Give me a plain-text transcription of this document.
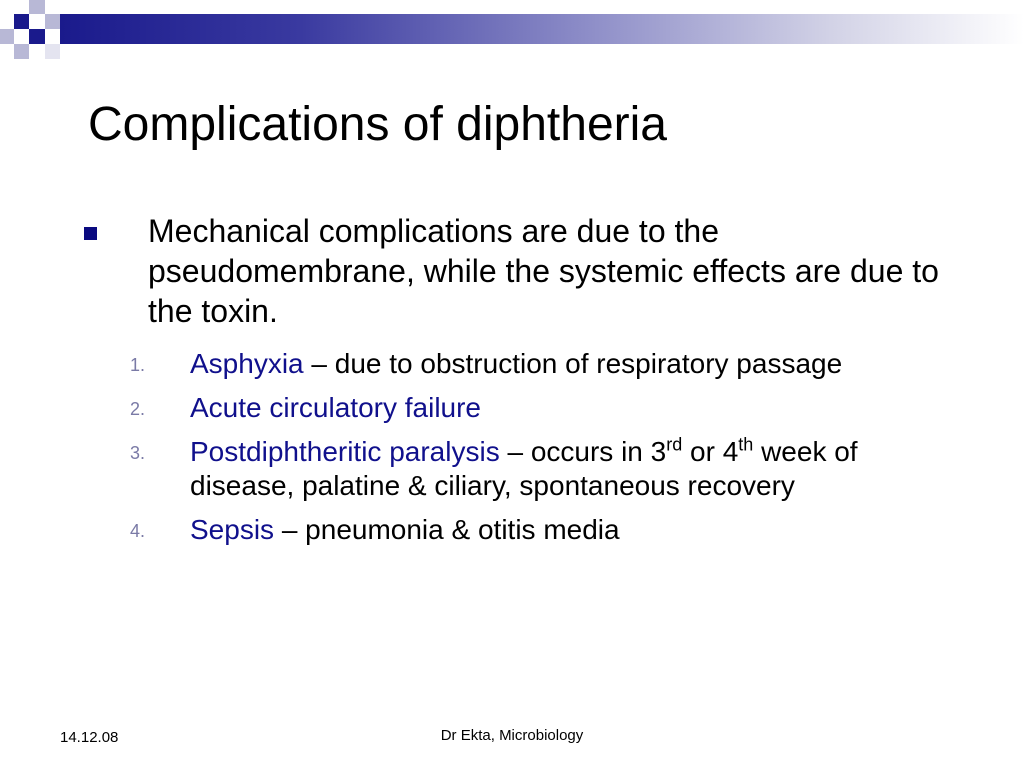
Complications of diphtheria

Mechanical complications are due to the pseudomembrane, while the systemic effects are due to the toxin.

1. Asphyxia – due to obstruction of respiratory passage
2. Acute circulatory failure
3. Postdiphtheritic paralysis – occurs in 3rd or 4th week of disease, palatine & ciliary, spontaneous recovery
4. Sepsis – pneumonia & otitis media
Dr Ekta, Microbiology
14.12.08
